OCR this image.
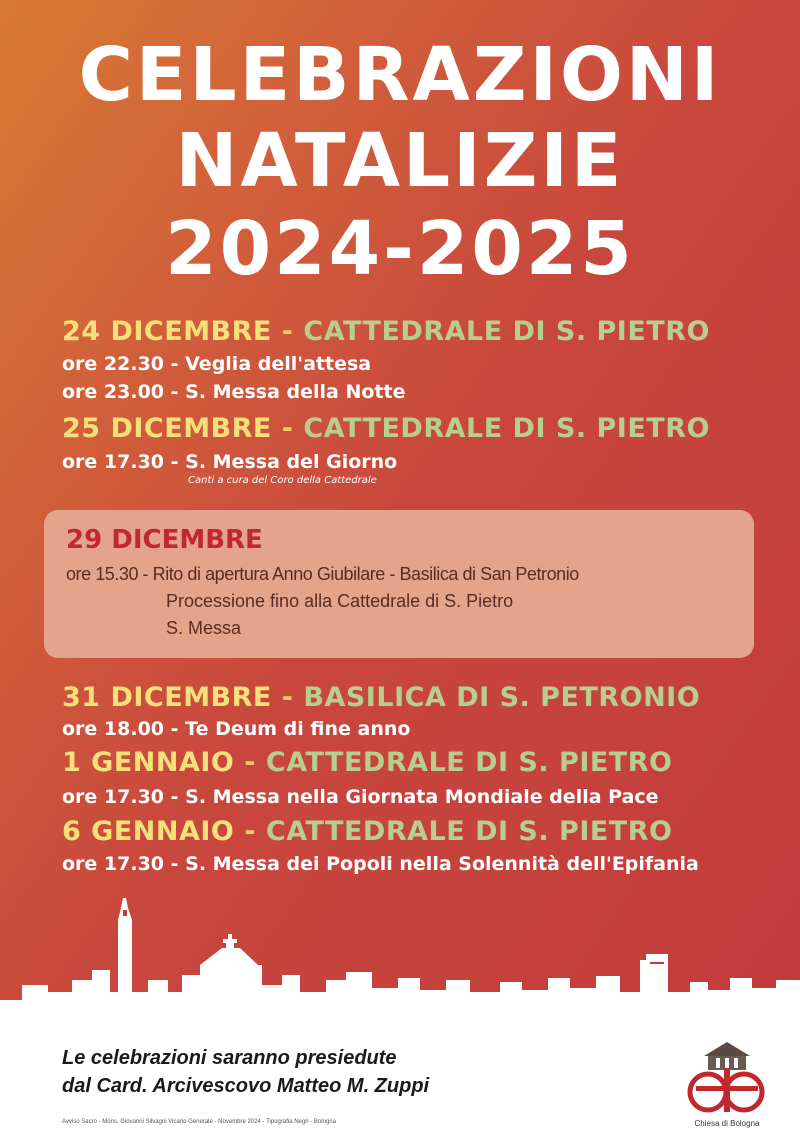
CELEBRAZIONI
NATALIZIE
2024-2025
24 DICEMBRE - CATTEDRALE DI S. PIETRO
ore 22.30 - Veglia dell'attesa
ore 23.00 - S. Messa della Notte
25 DICEMBRE - CATTEDRALE DI S. PIETRO
ore 17.30 - S. Messa del Giorno
Canti a cura del Coro della Cattedrale
29 DICEMBRE
ore 15.30 - Rito di apertura Anno Giubilare - Basilica di San Petronio
Processione fino alla Cattedrale di S. Pietro
S. Messa
31 DICEMBRE - BASILICA DI S. PETRONIO
ore 18.00 - Te Deum di fine anno
1 GENNAIO - CATTEDRALE DI S. PIETRO
ore 17.30 - S. Messa nella Giornata Mondiale della Pace
6 GENNAIO - CATTEDRALE DI S. PIETRO
ore 17.30 - S. Messa dei Popoli nella Solennità dell'Epifania
Le celebrazioni saranno presiedute
dal Card. Arcivescovo Matteo M. Zuppi
Avviso Sacro - Mons. Giovanni Silvagni Vicario Generale - Novembre 2024 - Tipografia Negri - Bologna	Chiesa di Bologna
